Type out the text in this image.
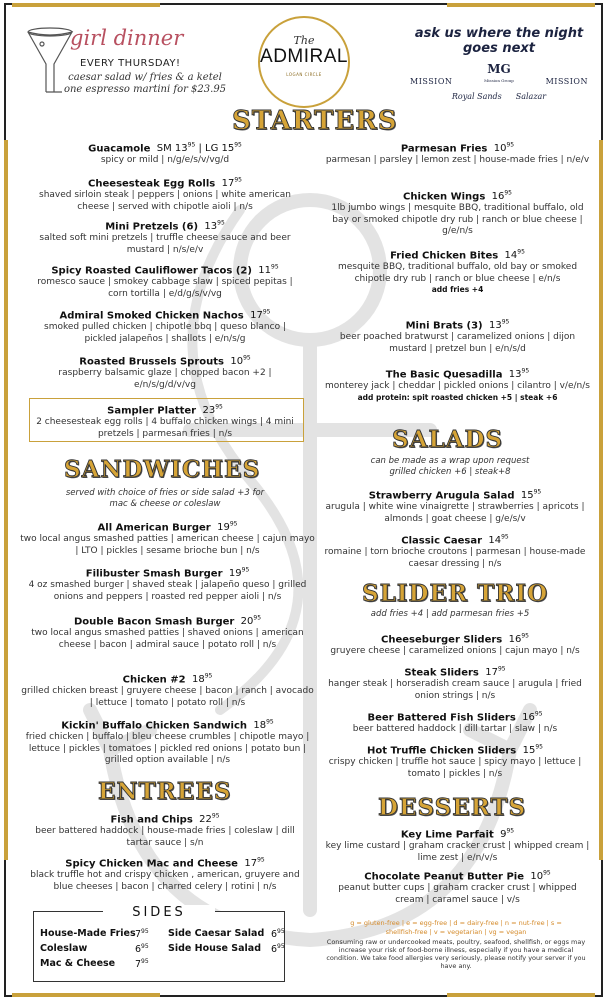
girl dinner
EVERY THURSDAY!
caesar salad w/ fries & a ketel one espresso martini for $23.95
The
ADMIRAL
LOGAN CIRCLE
ask us where the night goes next
MISSION
MG
Mission Group	MISSION
Royal Sands Salazar
STARTERS
SANDWICHES
served with choice of fries or side salad +3 for mac & cheese or coleslaw
ENTREES
SALADS
can be made as a wrap upon request grilled chicken +6 | steak+8
SLIDER TRIO
add fries +4 | add parmesan fries +5
DESSERTS
Guacamole  SM $13^{95}$ | LG $15^{95}$
spicy or mild | n/g/e/s/v/vg/d
Cheesesteak Egg Rolls  $17^{95}$
shaved sirloin steak | peppers | onions | white american cheese | served with chipotle aioli | n/s
Mini Pretzels (6)  $13^{95}$
salted soft mini pretzels | truffle cheese sauce and beer mustard | n/s/e/v
Spicy Roasted Cauliflower Tacos (2)  $11^{95}$
romesco sauce | smokey cabbage slaw | spiced pepitas | corn tortilla | e/d/g/s/v/vg
Admiral Smoked Chicken Nachos  $17^{95}$
smoked pulled chicken | chipotle bbq | queso blanco | pickled jalapeños | shallots | e/n/s/g
Roasted Brussels Sprouts  $10^{95}$
raspberry balsamic glaze | chopped bacon +2 | e/n/s/g/d/v/vg
Sampler Platter  $23^{95}$
2 cheesesteak egg rolls | 4 buffalo chicken wings | 4 mini pretzels | parmesan fries | n/s
Parmesan Fries  $10^{95}$
parmesan | parsley | lemon zest | house-made fries | n/e/v
Chicken Wings  $16^{95}$
1lb jumbo wings | mesquite BBQ, traditional buffalo, old bay or smoked chipotle dry rub | ranch or blue cheese | g/e/n/s
Fried Chicken Bites  $14^{95}$
mesquite BBQ, traditional buffalo, old bay or smoked chipotle dry rub | ranch or blue cheese | e/n/s
add fries +4
Mini Brats (3)  $13^{95}$
beer poached bratwurst | caramelized onions | dijon mustard | pretzel bun | e/n/s/d
The Basic Quesadilla  $13^{95}$
monterey jack | cheddar | pickled onions | cilantro | v/e/n/s
add protein: spit roasted chicken +5 | steak +6
All American Burger  $19^{95}$
two local angus smashed patties | american cheese | cajun mayo | LTO | pickles | sesame brioche bun | n/s
Filibuster Smash Burger  $19^{95}$
4 oz smashed burger | shaved steak | jalapeño queso | grilled onions and peppers | roasted red pepper aioli | n/s
Double Bacon Smash Burger  $20^{95}$
two local angus smashed patties | shaved onions | american cheese | bacon | admiral sauce | potato roll | n/s
Chicken #2  $18^{95}$
grilled chicken breast | gruyere cheese | bacon | ranch | avocado | lettuce | tomato | potato roll | n/s
Kickin' Buffalo Chicken Sandwich  $18^{95}$
fried chicken | buffalo | bleu cheese crumbles | chipotle mayo | lettuce | pickles | tomatoes | pickled red onions | potato bun | grilled option available | n/s
Fish and Chips  $22^{95}$
beer battered haddock | house-made fries | coleslaw | dill tartar sauce | s/n
Spicy Chicken Mac and Cheese  $17^{95}$
black truffle hot and crispy chicken , american, gruyere and blue cheeses | bacon | charred celery | rotini | n/s
Strawberry Arugula Salad  $15^{95}$
arugula | white wine vinaigrette | strawberries | apricots | almonds | goat cheese | g/e/s/v
Classic Caesar  $14^{95}$
romaine | torn brioche croutons | parmesan | house-made caesar dressing | n/s
Cheeseburger Sliders  $16^{95}$
gruyere cheese | caramelized onions | cajun mayo | n/s
Steak Sliders  $17^{95}$
hanger steak | horseradish cream sauce | arugula | fried onion strings | n/s
Beer Battered Fish Sliders  $16^{95}$
beer battered haddock | dill tartar | slaw | n/s
Hot Truffle Chicken Sliders  $15^{95}$
crispy chicken | truffle hot sauce | spicy mayo | lettuce | tomato | pickles | n/s
Key Lime Parfait  $9^{95}$
key lime custard | graham cracker crust | whipped cream | lime zest | e/n/v/s
Chocolate Peanut Butter Pie  $10^{95}$
peanut butter cups | graham cracker crust | whipped cream | caramel sauce | v/s
SIDES
House-Made Fries $7^{95}$
Coleslaw	$6^{95}$
Mac & Cheese $7^{95}$
Side Caesar Salad $6^{95}$
Side House Salad $6^{95}$
g = gluten-free | e = egg-free | d = dairy-free | n = nut-free | s = shellfish-free | v = vegetarian | vg = vegan
Consuming raw or undercooked meats, poultry, seafood, shellfish, or eggs may increase your risk of food-borne illness, especially if you have a medical condition. We take food allergies very seriously, please notify your server if you have any.
